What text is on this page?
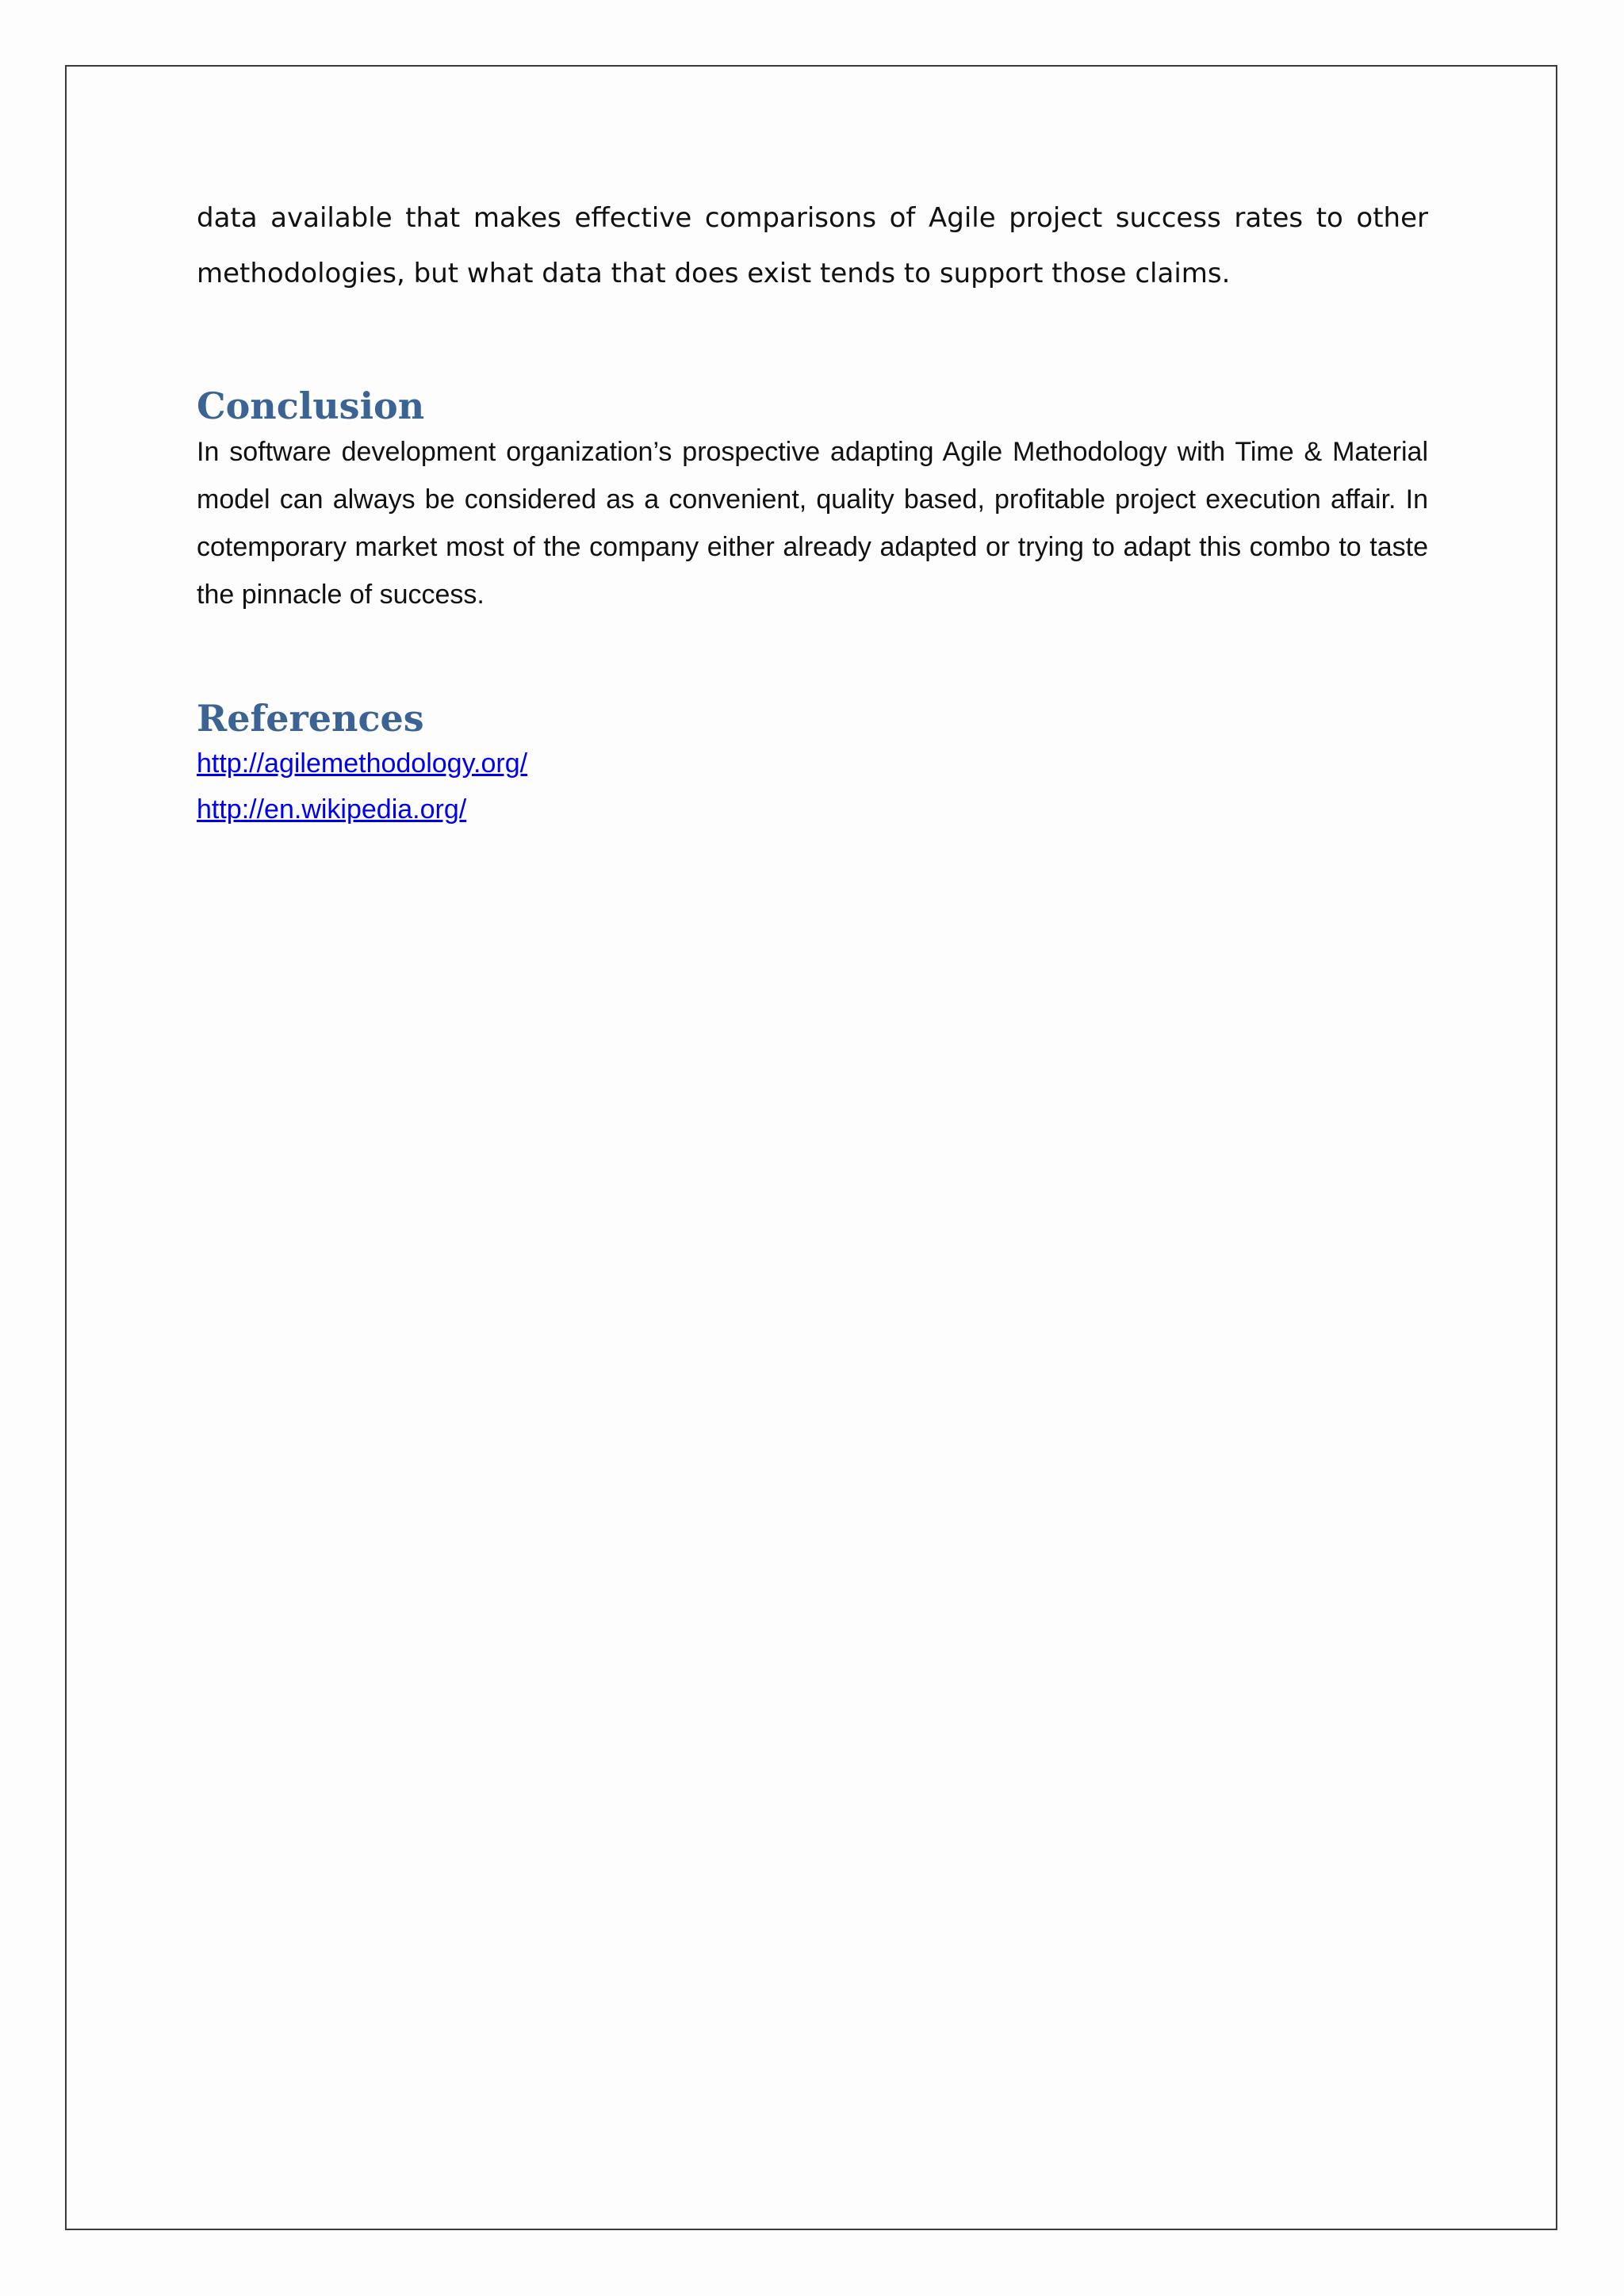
data available that makes effective comparisons of Agile project success rates to other methodologies, but what data that does exist tends to support those claims.

Conclusion

In software development organization’s prospective adapting Agile Methodology with Time & Material model can always be considered as a convenient, quality based, profitable project execution affair. In cotemporary market most of the company either already adapted or trying to adapt this combo to taste the pinnacle of success.

References
http://agilemethodology.org/
http://en.wikipedia.org/
